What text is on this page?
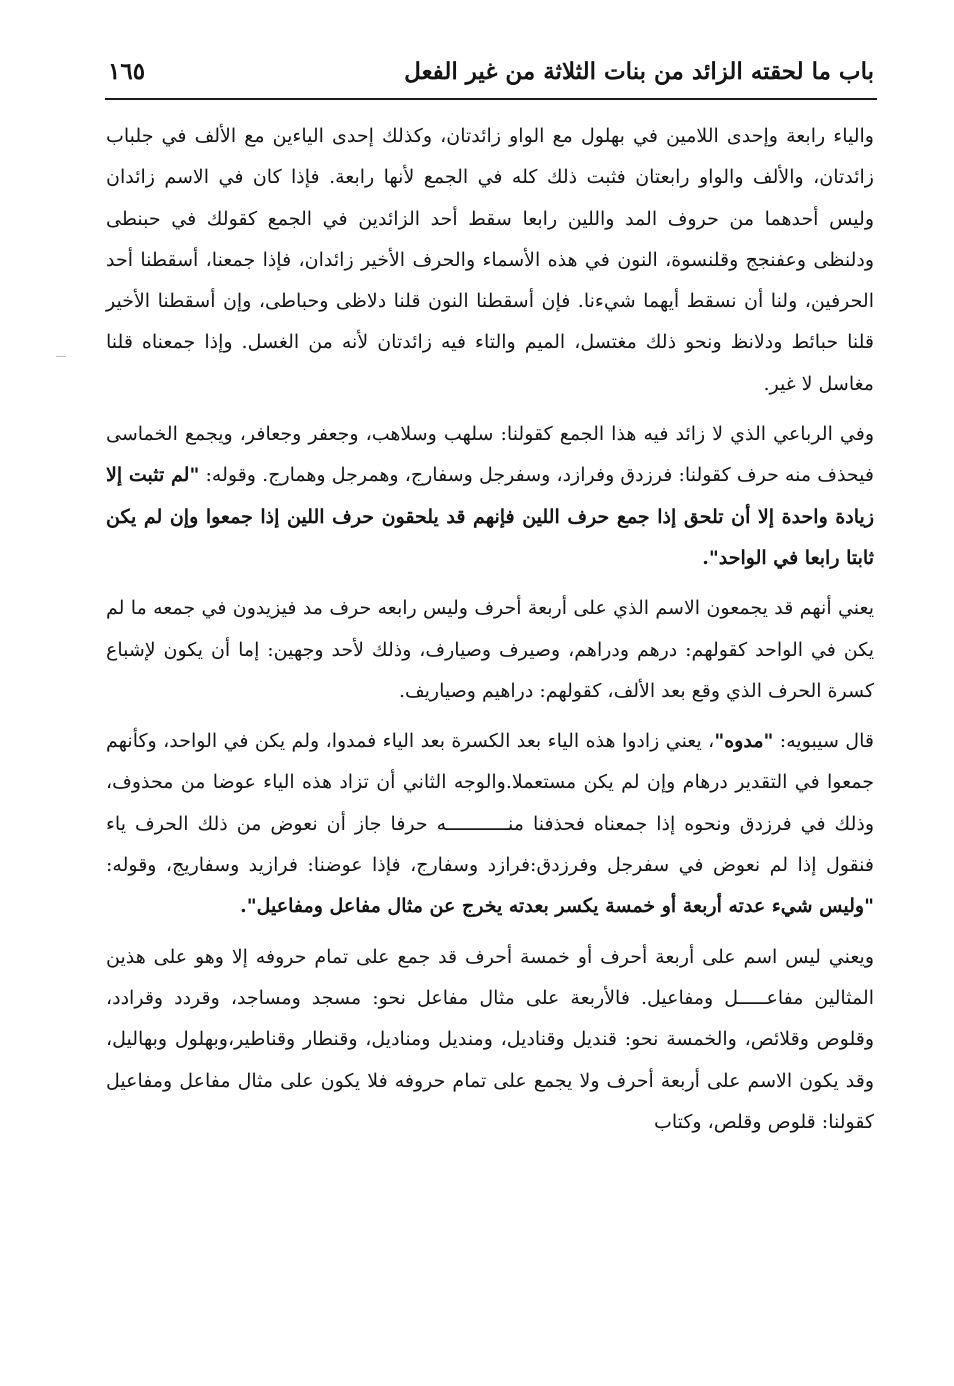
باب ما لحقته الزائد من بنات الثلاثة من غير الفعل
١٦٥

والياء رابعة وإحدى اللامين في بهلول مع الواو زائدتان، وكذلك إحدى الياءين مع الألف في جلباب زائدتان، والألف والواو رابعتان فثبت ذلك كله في الجمع لأنها رابعة. فإذا كان في الاسم زائدان وليس أحدهما من حروف المد واللين رابعا سقط أحد الزائدين في الجمع كقولك في حبنطى ودلنظى وعفنجج وقلنسوة، النون في هذه الأسماء والحرف الأخير زائدان، فإذا جمعنا، أسقطنا أحد الحرفين، ولنا أن نسقط أيهما شيءنا. فإن أسقطنا النون قلنا دلاظى وحباطى، وإن أسقطنا الأخير قلنا حبائط ودلانظ ونحو ذلك مغتسل، الميم والتاء فيه زائدتان لأنه من الغسل. وإذا جمعناه قلنا مغاسل لا غير.

وفي الرباعي الذي لا زائد فيه هذا الجمع كقولنا: سلهب وسلاهب، وجعفر وجعافر، ويجمع الخماسى فيحذف منه حرف كقولنا: فرزدق وفرازد، وسفرجل وسفارج، وهمرجل وهمارج. وقوله: "لم تثبت إلا زيادة واحدة إلا أن تلحق إذا جمع حرف اللين فإنهم قد يلحقون حرف اللين إذا جمعوا وإن لم يكن ثابتا رابعا في الواحد".

يعني أنهم قد يجمعون الاسم الذي على أربعة أحرف وليس رابعه حرف مد فيزيدون في جمعه ما لم يكن في الواحد كقولهم: درهم ودراهم، وصيرف وصيارف، وذلك لأحد وجهين: إما أن يكون لإشباع كسرة الحرف الذي وقع بعد الألف، كقولهم: دراهيم وصياريف.

قال سيبويه: "مدوه"، يعني زادوا هذه الياء بعد الكسرة بعد الياء فمدوا، ولم يكن في الواحد، وكأنهم جمعوا في التقدير درهام وإن لم يكن مستعملا.والوجه الثاني أن تزاد هذه الياء عوضا من محذوف، وذلك في فرزدق ونحوه إذا جمعناه فحذفنا منـــــــــــه حرفا جاز أن نعوض من ذلك الحرف ياء فنقول إذا لم نعوض في سفرجل وفرزدق:فرازد وسفارج، فإذا عوضنا: فرازيد وسفاريج، وقوله: "وليس شيء عدته أربعة أو خمسة يكسر بعدته يخرج عن مثال مفاعل ومفاعيل".

ويعني ليس اسم على أربعة أحرف أو خمسة أحرف قد جمع على تمام حروفه إلا وهو على هذين المثالين مفاعـــــل ومفاعيل. فالأربعة على مثال مفاعل نحو: مسجد ومساجد، وقردد وقرادد، وقلوص وقلائص، والخمسة نحو: قنديل وقناديل، ومنديل ومناديل، وقنطار وقناطير،وبهلول وبهاليل، وقد يكون الاسم على أربعة أحرف ولا يجمع على تمام حروفه فلا يكون على مثال مفاعل ومفاعيل كقولنا: قلوص وقلص، وكتاب
